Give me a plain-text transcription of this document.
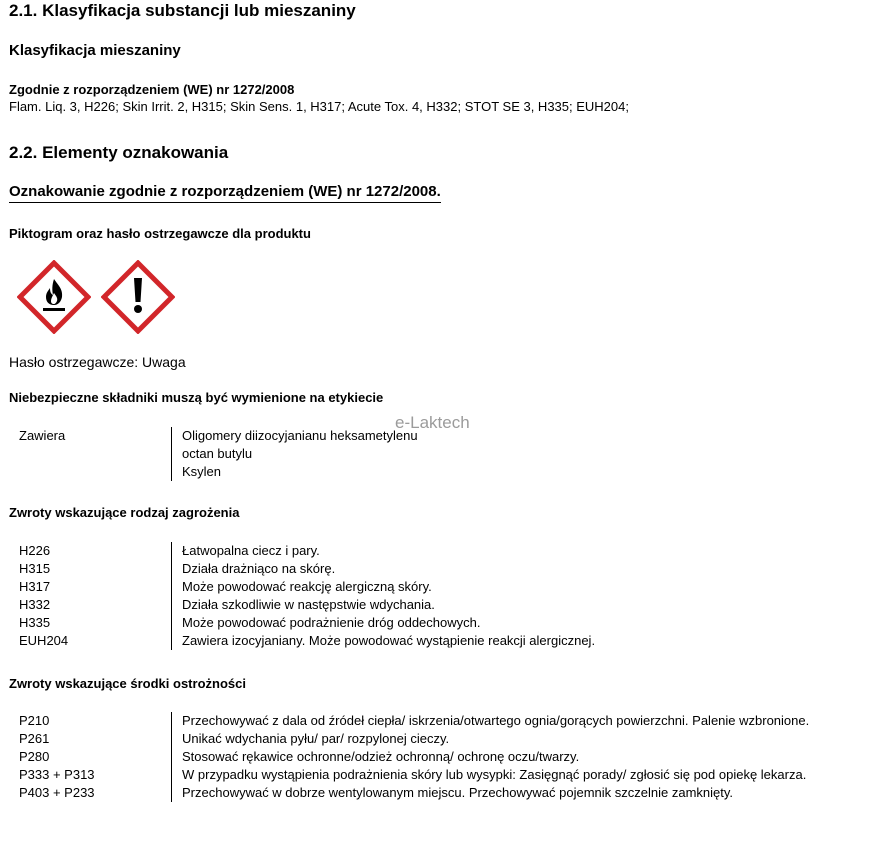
2.1. Klasyfikacja substancji lub mieszaniny
Klasyfikacja mieszaniny
Zgodnie z rozporządzeniem (WE) nr 1272/2008
Flam. Liq. 3, H226; Skin Irrit. 2, H315; Skin Sens. 1, H317; Acute Tox. 4, H332; STOT SE 3, H335; EUH204;
2.2. Elementy oznakowania
Oznakowanie zgodnie z rozporządzeniem (WE) nr 1272/2008.
Piktogram oraz hasło ostrzegawcze dla produktu
Hasło ostrzegawcze: Uwaga
Niebezpieczne składniki muszą być wymienione na etykiecie
e-Laktech
Zawiera	Oligomery diizocyjanianu heksametylenu
octan butylu
Ksylen
Zwroty wskazujące rodzaj zagrożenia
H226	Łatwopalna ciecz i pary.
H315	Działa drażniąco na skórę.
H317	Może powodować reakcję alergiczną skóry.
H332	Działa szkodliwie w następstwie wdychania.
H335	Może powodować podrażnienie dróg oddechowych.
EUH204	Zawiera izocyjaniany. Może powodować wystąpienie reakcji alergicznej.
Zwroty wskazujące środki ostrożności
P210	Przechowywać z dala od źródeł ciepła/ iskrzenia/otwartego ognia/gorących powierzchni. Palenie wzbronione.
P261	Unikać wdychania pyłu/ par/ rozpylonej cieczy.
P280	Stosować rękawice ochronne/odzież ochronną/ ochronę oczu/twarzy.
P333 + P313	W przypadku wystąpienia podrażnienia skóry lub wysypki: Zasięgnąć porady/ zgłosić się pod opiekę lekarza.
P403 + P233	Przechowywać w dobrze wentylowanym miejscu. Przechowywać pojemnik szczelnie zamknięty.
